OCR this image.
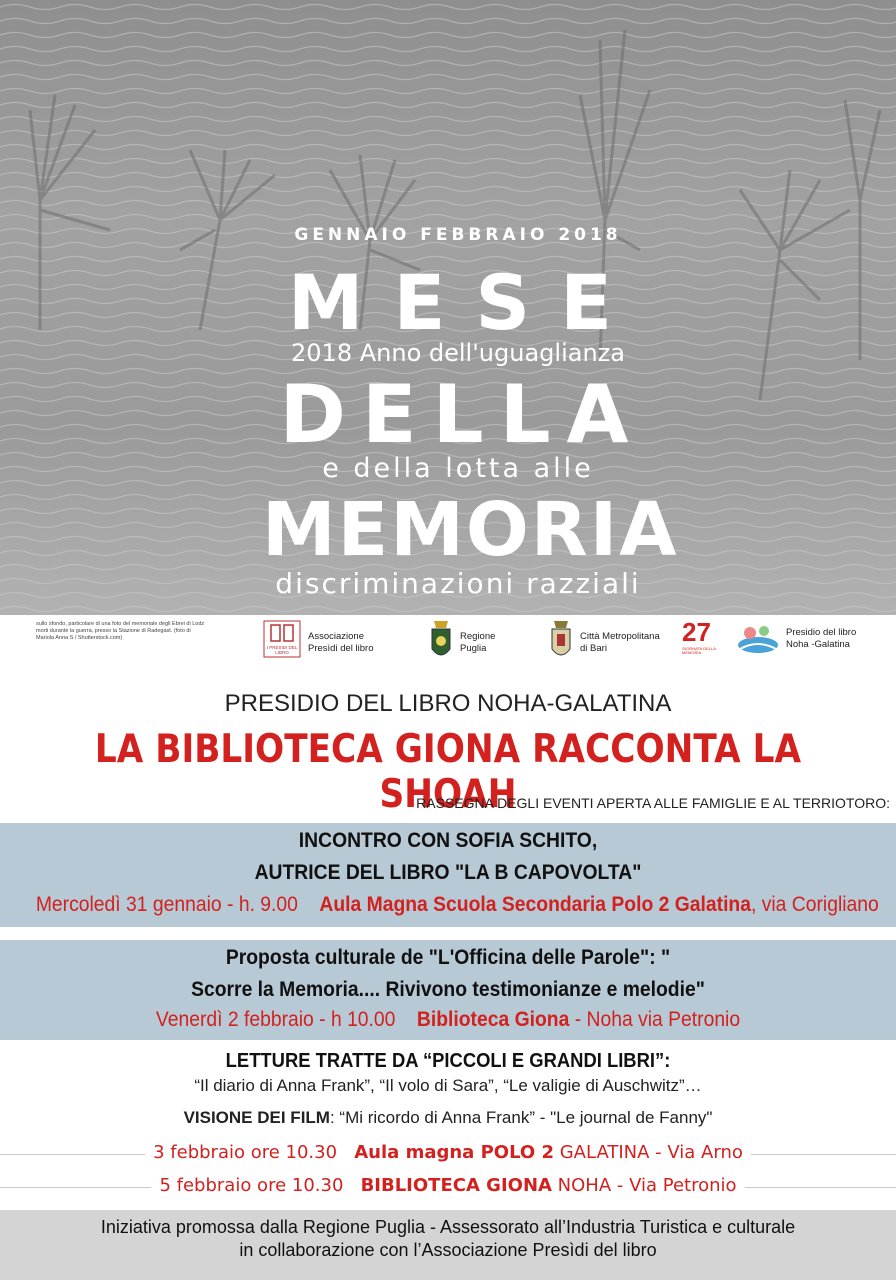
GENNAIO FEBBRAIO 2018
MESE
2018 Anno dell'uguaglianza
DELLA
e della lotta alle
MEMORIA
discriminazioni razziali
sullo sfondo, particolare di una foto del memoriale degli Ebrei di Lodz morti durante la guerra, presso la Stazione di Radegast. (foto di Mariola Anna S / Shutterstock.com)
I PRESIDI DEL LIBRO
Associazione
Presìdi del libro
Regione
Puglia
Città Metropolitana
di Bari
27
GIORNATA DELLA MEMORIA
Presidio del libro
Noha -Galatina
PRESIDIO DEL LIBRO NOHA-GALATINA
LA BIBLIOTECA GIONA RACCONTA LA SHOAH
RASSEGNA DEGLI EVENTI APERTA ALLE FAMIGLIE E AL TERRIOTORO:
INCONTRO CON SOFIA SCHITO,
AUTRICE DEL LIBRO "LA B CAPOVOLTA"
Mercoledì 31 gennaio - h. 9.00 Aula Magna Scuola Secondaria Polo 2 Galatina, via Corigliano
Proposta culturale de "L'Officina delle Parole": "
Scorre la Memoria.... Rivivono testimonianze e melodie"
Venerdì 2 febbraio - h 10.00 Biblioteca Giona - Noha via Petronio
LETTURE TRATTE DA “PICCOLI E GRANDI LIBRI”:
“Il diario di Anna Frank”, “Il volo di Sara”, “Le valigie di Auschwitz”…
VISIONE DEI FILM: “Mi ricordo di Anna Frank” - "Le journal de Fanny"
3 febbraio ore 10.30 Aula magna POLO 2 GALATINA - Via Arno
5 febbraio ore 10.30 BIBLIOTECA GIONA NOHA - Via Petronio
Iniziativa promossa dalla Regione Puglia - Assessorato all’Industria Turistica e culturale
in collaborazione con l’Associazione Presìdi del libro
